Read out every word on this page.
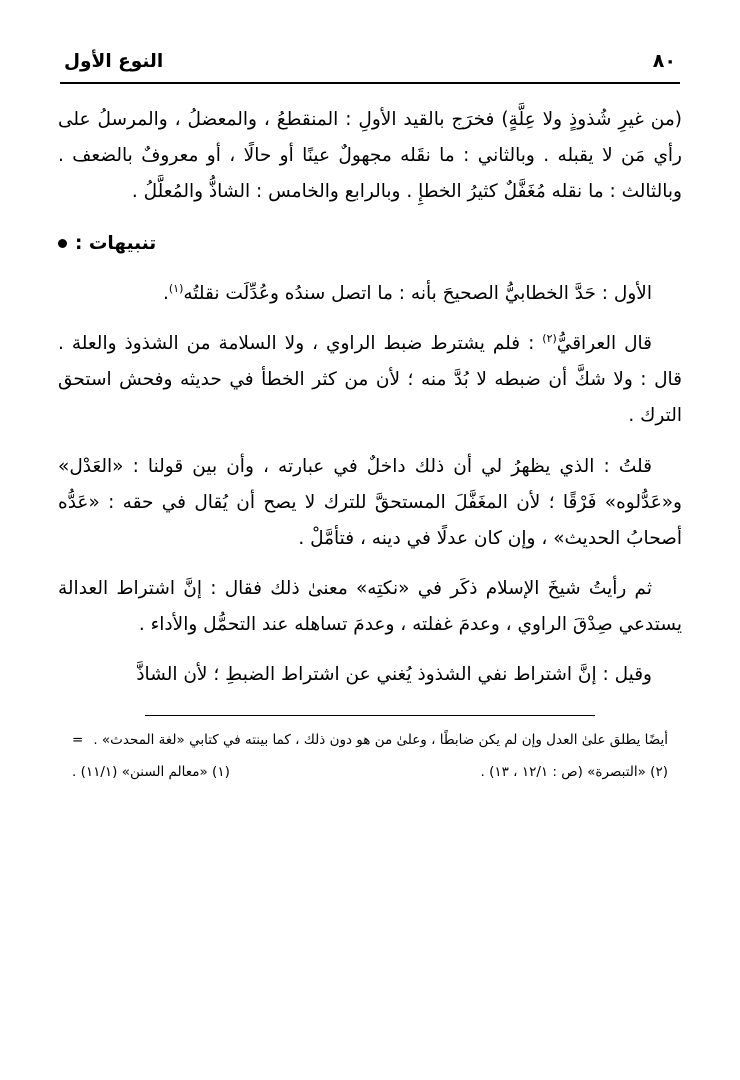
النوع الأول	٨٠

(من غيرِ شُذوذٍ ولا عِلَّةٍ) فخرَج بالقيد الأولِ : المنقطعُ ، والمعضلُ ، والمرسلُ على رأي مَن لا يقبله . وبالثاني : ما نقَله مجهولٌ عينًا أو حالًا ، أو معروفٌ بالضعف . وبالثالث : ما نقله مُغَفَّلٌ كثيرُ الخطإِ . وبالرابع والخامس : الشاذُّ والمُعلَّلُ .

تنبيهات :

الأول : حَدَّ الخطابيُّ الصحيحَ بأنه : ما اتصل سندُه وعُدِّلَت نقلتُه$^{(١)}$.

قال العراقيُّ$^{(٢)}$ : فلم يشترط ضبط الراوي ، ولا السلامة من الشذوذ والعلة . قال : ولا شكَّ أن ضبطه لا بُدَّ منه ؛ لأن من كثر الخطأ في حديثه وفحش استحق الترك .

قلتُ : الذي يظهرُ لي أن ذلك داخلٌ في عبارته ، وأن بين قولنا : «العَدْل» و«عَدُّلوه» فَرْقًا ؛ لأن المغَفَّلَ المستحقَّ للترك لا يصح أن يُقال في حقه : «عَدُّه أصحابُ الحديث» ، وإن كان عدلًا في دينه ، فتأمَّلْ .

ثم رأيتُ شيخَ الإسلام ذكَر في «نكتِه» معنىٰ ذلك فقال : إنَّ اشتراط العدالة يستدعي صِدْقَ الراوي ، وعدمَ غفلته ، وعدمَ تساهله عند التحمُّل والأداء .

وقيل : إنَّ اشتراط نفي الشذوذ يُغني عن اشتراط الضبطِ ؛ لأن الشاذَّ

= أيضًا يطلق علىٰ العدل وإن لم يكن ضابطًا ، وعلىٰ من هو دون ذلك ، كما بينته في كتابي «لغة المحدث» .
(١) «معالم السنن» (١١/١) .	(٢) «التبصرة» (ص : ١٢/١ ، ١٣) .
